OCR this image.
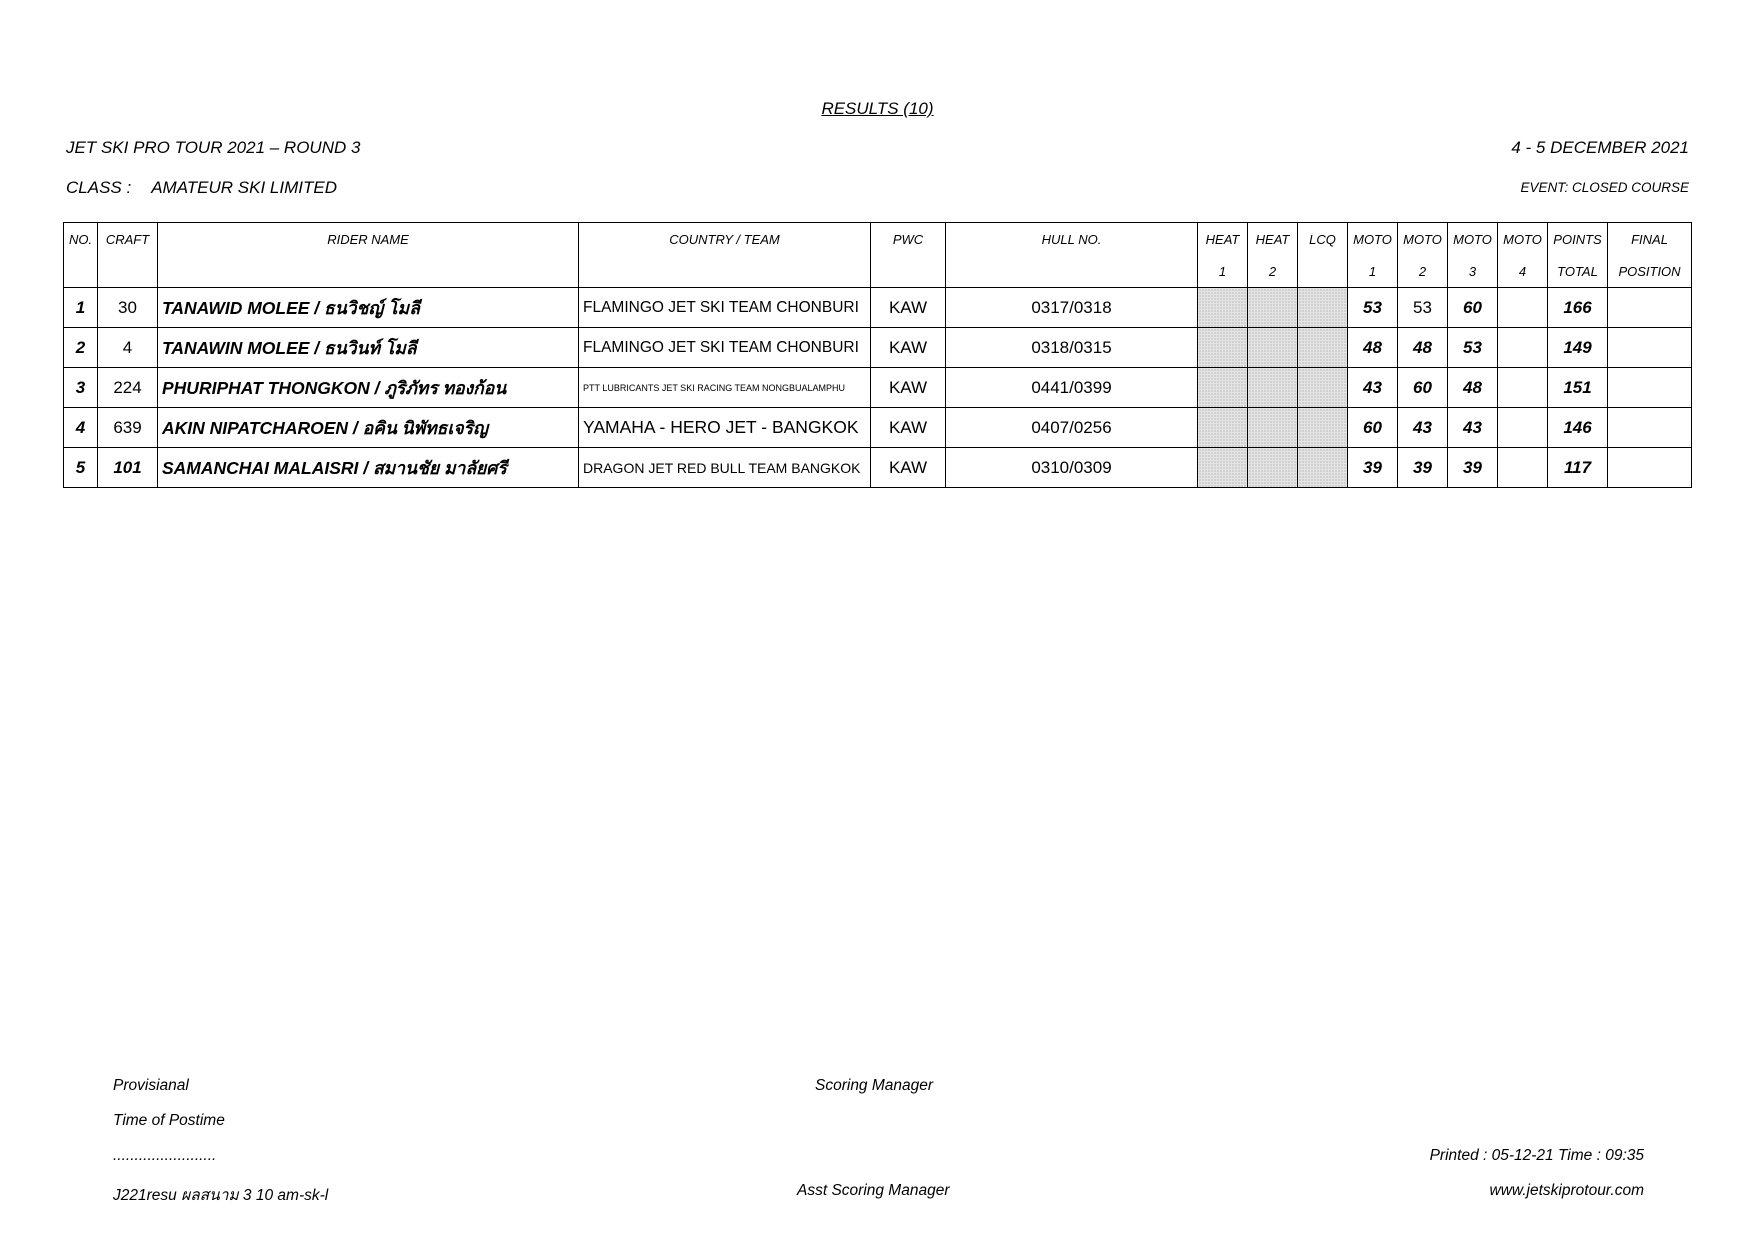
RESULTS (10)
JET SKI PRO TOUR 2021 – ROUND 3	4 - 5 DECEMBER 2021
CLASS : AMATEUR SKI LIMITED	EVENT: CLOSED COURSE
NO.	CRAFT	RIDER NAME	COUNTRY / TEAM	PWC	HULL NO.	HEAT	HEAT	LCQ	MOTO	MOTO	MOTO	MOTO	POINTS	FINAL
						1	2		1	2	3	4	TOTAL	POSITION
1	30	TANAWID MOLEE / ธนวิชญ์ โมลี	FLAMINGO JET SKI TEAM CHONBURI	KAW	0317/0318				53	53	60		166	
2	4	TANAWIN MOLEE / ธนวินท์ โมลี	FLAMINGO JET SKI TEAM CHONBURI	KAW	0318/0315				48	48	53		149	
3	224	PHURIPHAT THONGKON / ภูริภัทร ทองก้อน	PTT LUBRICANTS JET SKI RACING TEAM NONGBUALAMPHU	KAW	0441/0399				43	60	48		151	
4	639	AKIN NIPATCHAROEN / อคิน นิพัทธเจริญ	YAMAHA - HERO JET - BANGKOK	KAW	0407/0256				60	43	43		146	
5	101	SAMANCHAI MALAISRI / สมานชัย มาลัยศรี	DRAGON JET RED BULL TEAM BANGKOK	KAW	0310/0309				39	39	39		117	
Provisianal
Time of Postime
........................
J221resu ผลสนาม 3 10 am-sk-l
Scoring Manager
Asst Scoring Manager
Printed : 05-12-21 Time : 09:35
www.jetskiprotour.com
